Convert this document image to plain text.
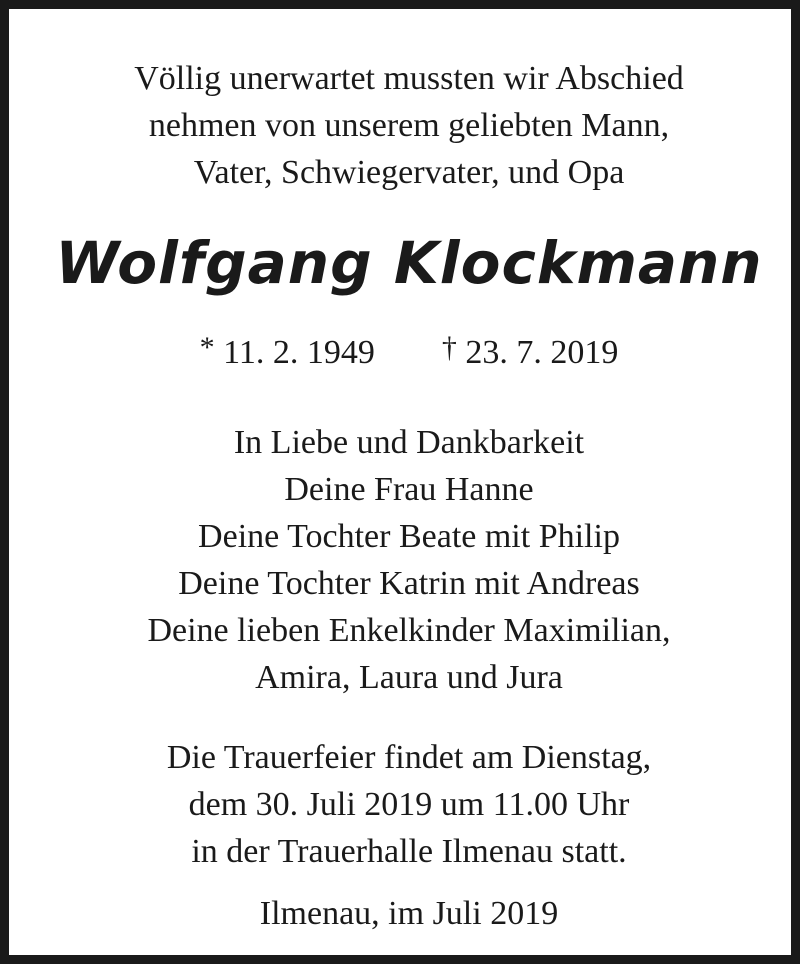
Völlig unerwartet mussten wir Abschied
nehmen von unserem geliebten Mann,
Vater, Schwiegervater, und Opa
Wolfgang Klockmann
* 11. 2. 1949 † 23. 7. 2019
In Liebe und Dankbarkeit
Deine Frau Hanne
Deine Tochter Beate mit Philip
Deine Tochter Katrin mit Andreas
Deine lieben Enkelkinder Maximilian,
Amira, Laura und Jura
Die Trauerfeier findet am Dienstag,
dem 30. Juli 2019 um 11.00 Uhr
in der Trauerhalle Ilmenau statt.
Ilmenau, im Juli 2019
